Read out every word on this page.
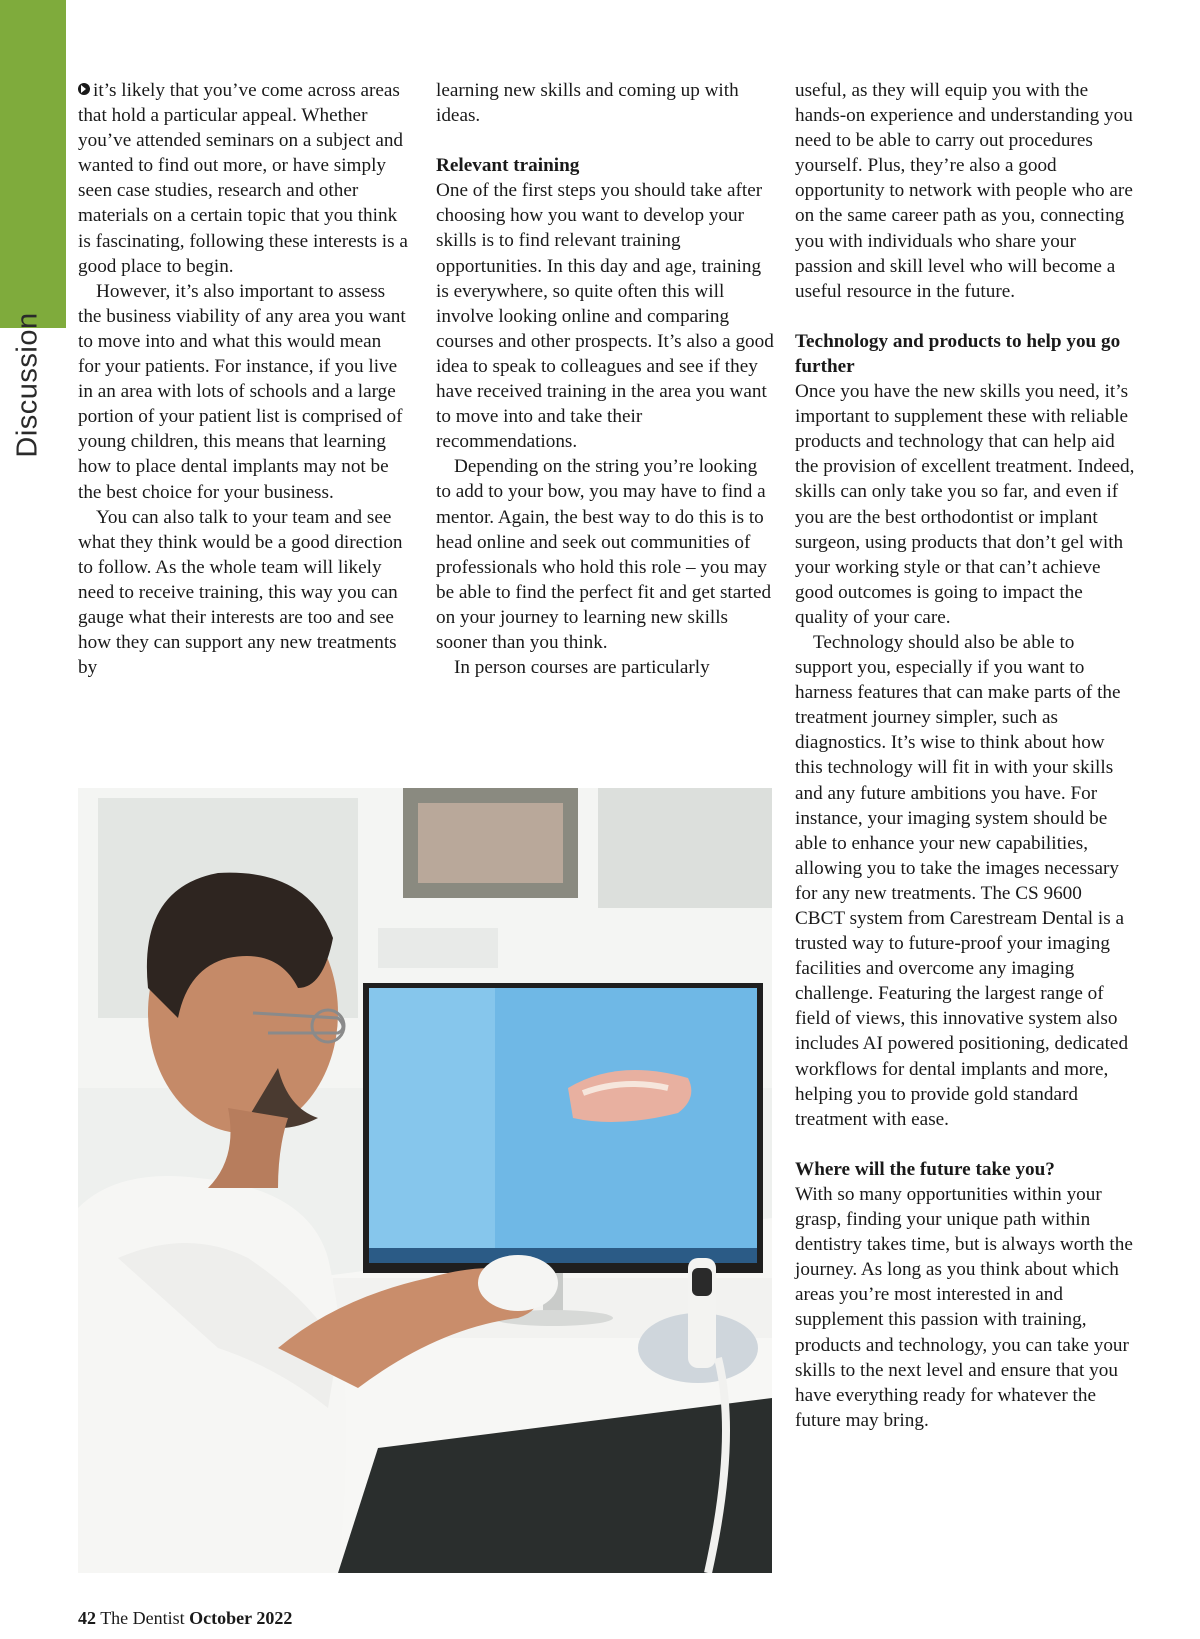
Discussion

it’s likely that you’ve come across areas that hold a particular appeal. Whether you’ve attended seminars on a subject and wanted to find out more, or have simply seen case studies, research and other materials on a certain topic that you think is fascinating, following these interests is a good place to begin.

However, it’s also important to assess the business viability of any area you want to move into and what this would mean for your patients. For instance, if you live in an area with lots of schools and a large portion of your patient list is comprised of young children, this means that learning how to place dental implants may not be the best choice for your business.

You can also talk to your team and see what they think would be a good direction to follow. As the whole team will likely need to receive training, this way you can gauge what their interests are too and see how they can support any new treatments by

learning new skills and coming up with ideas.

Relevant training

One of the first steps you should take after choosing how you want to develop your skills is to find relevant training opportunities. In this day and age, training is everywhere, so quite often this will involve looking online and comparing courses and other prospects. It’s also a good idea to speak to colleagues and see if they have received training in the area you want to move into and take their recommendations.

Depending on the string you’re looking to add to your bow, you may have to find a mentor. Again, the best way to do this is to head online and seek out communities of professionals who hold this role – you may be able to find the perfect fit and get started on your journey to learning new skills sooner than you think.

In person courses are particularly

useful, as they will equip you with the hands-on experience and understanding you need to be able to carry out procedures yourself. Plus, they’re also a good opportunity to network with people who are on the same career path as you, connecting you with individuals who share your passion and skill level who will become a useful resource in the future.

Technology and products to help you go further

Once you have the new skills you need, it’s important to supplement these with reliable products and technology that can help aid the provision of excellent treatment. Indeed, skills can only take you so far, and even if you are the best orthodontist or implant surgeon, using products that don’t gel with your working style or that can’t achieve good outcomes is going to impact the quality of your care.

Technology should also be able to support you, especially if you want to harness features that can make parts of the treatment journey simpler, such as diagnostics. It’s wise to think about how this technology will fit in with your skills and any future ambitions you have. For instance, your imaging system should be able to enhance your new capabilities, allowing you to take the images necessary for any new treatments. The CS 9600 CBCT system from Carestream Dental is a trusted way to future-proof your imaging facilities and overcome any imaging challenge. Featuring the largest range of field of views, this innovative system also includes AI powered positioning, dedicated workflows for dental implants and more, helping you to provide gold standard treatment with ease.

Where will the future take you?

With so many opportunities within your grasp, finding your unique path within dentistry takes time, but is always worth the journey. As long as you think about which areas you’re most interested in and supplement this passion with training, products and technology, you can take your skills to the next level and ensure that you have everything ready for whatever the future may bring.

42 The Dentist October 2022
